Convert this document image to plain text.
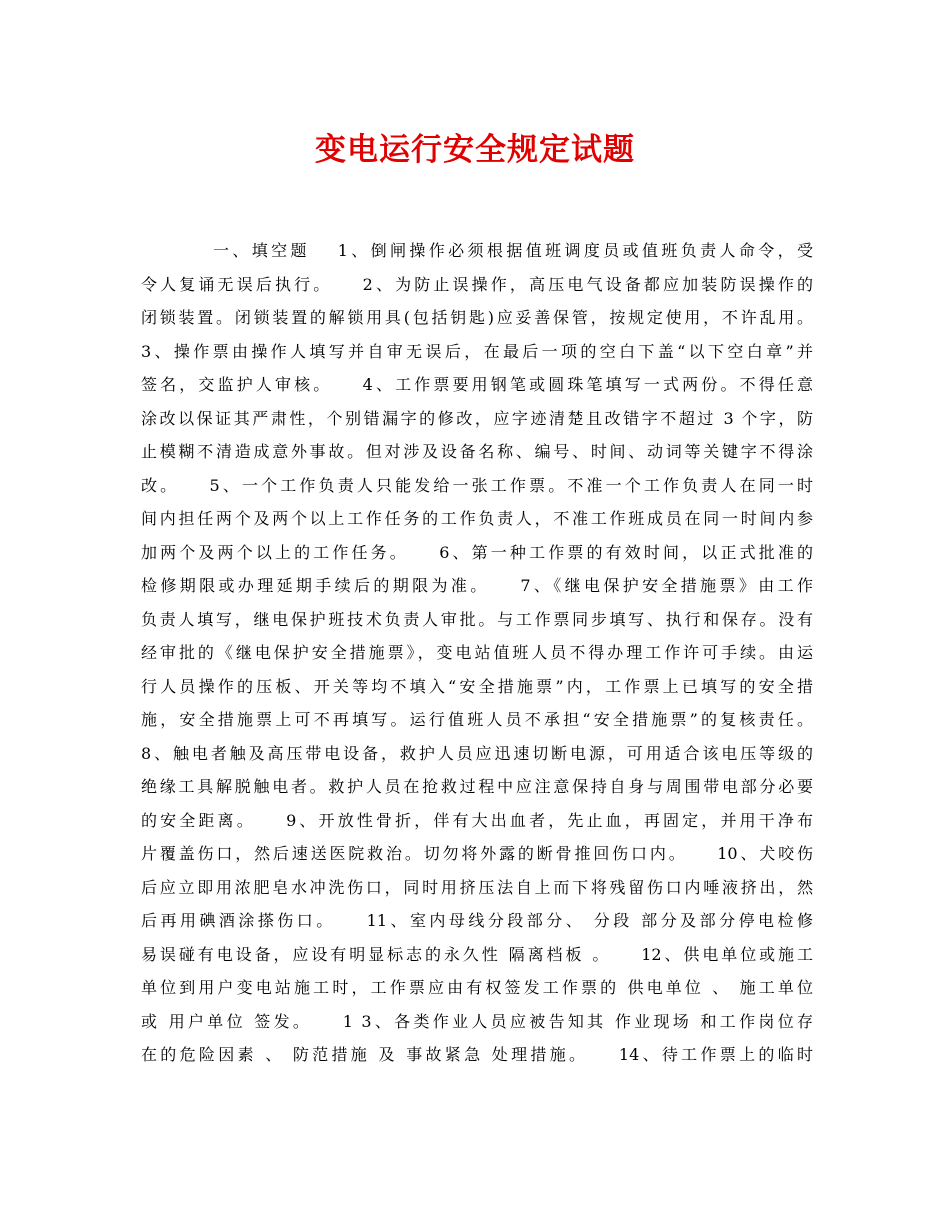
变电运行安全规定试题
一、填空题　 1、倒闸操作必须根据值班调度员或值班负责人命令，受
令人复诵无误后执行。　　2、为防止误操作，高压电气设备都应加装防误操作的
闭锁装置。闭锁装置的解锁用具(包括钥匙)应妥善保管，按规定使用，不许乱用。
3、操作票由操作人填写并自审无误后，在最后一项的空白下盖“以下空白章”并
签名，交监护人审核。　　4、工作票要用钢笔或圆珠笔填写一式两份。不得任意
涂改以保证其严肃性，个别错漏字的修改，应字迹清楚且改错字不超过 3 个字，防
止模糊不清造成意外事故。但对涉及设备名称、编号、时间、动词等关键字不得涂
改。　　5、一个工作负责人只能发给一张工作票。不准一个工作负责人在同一时
间内担任两个及两个以上工作任务的工作负责人，不准工作班成员在同一时间内参
加两个及两个以上的工作任务。　　6、第一种工作票的有效时间，以正式批准的
检修期限或办理延期手续后的期限为准。　　7、《继电保护安全措施票》由工作
负责人填写，继电保护班技术负责人审批。与工作票同步填写、执行和保存。没有
经审批的《继电保护安全措施票》，变电站值班人员不得办理工作许可手续。由运
行人员操作的压板、开关等均不填入“安全措施票”内，工作票上已填写的安全措
施，安全措施票上可不再填写。运行值班人员不承担“安全措施票”的复核责任。
8、触电者触及高压带电设备，救护人员应迅速切断电源，可用适合该电压等级的
绝缘工具解脱触电者。救护人员在抢救过程中应注意保持自身与周围带电部分必要
的安全距离。　　9、开放性骨折，伴有大出血者，先止血，再固定，并用干净布
片覆盖伤口，然后速送医院救治。切勿将外露的断骨推回伤口内。　　10、犬咬伤
后应立即用浓肥皂水冲洗伤口，同时用挤压法自上而下将残留伤口内唾液挤出，然
后再用碘酒涂搽伤口。　　11、室内母线分段部分、 分段 部分及部分停电检修
易误碰有电设备，应设有明显标志的永久性 隔离档板 。　　12、供电单位或施工
单位到用户变电站施工时，工作票应由有权签发工作票的 供电单位 、 施工单位
或 用户单位 签发。　　1 3、各类作业人员应被告知其 作业现场 和工作岗位存
在的危险因素 、 防范措施 及 事故紧急 处理措施。　　14、待工作票上的临时
